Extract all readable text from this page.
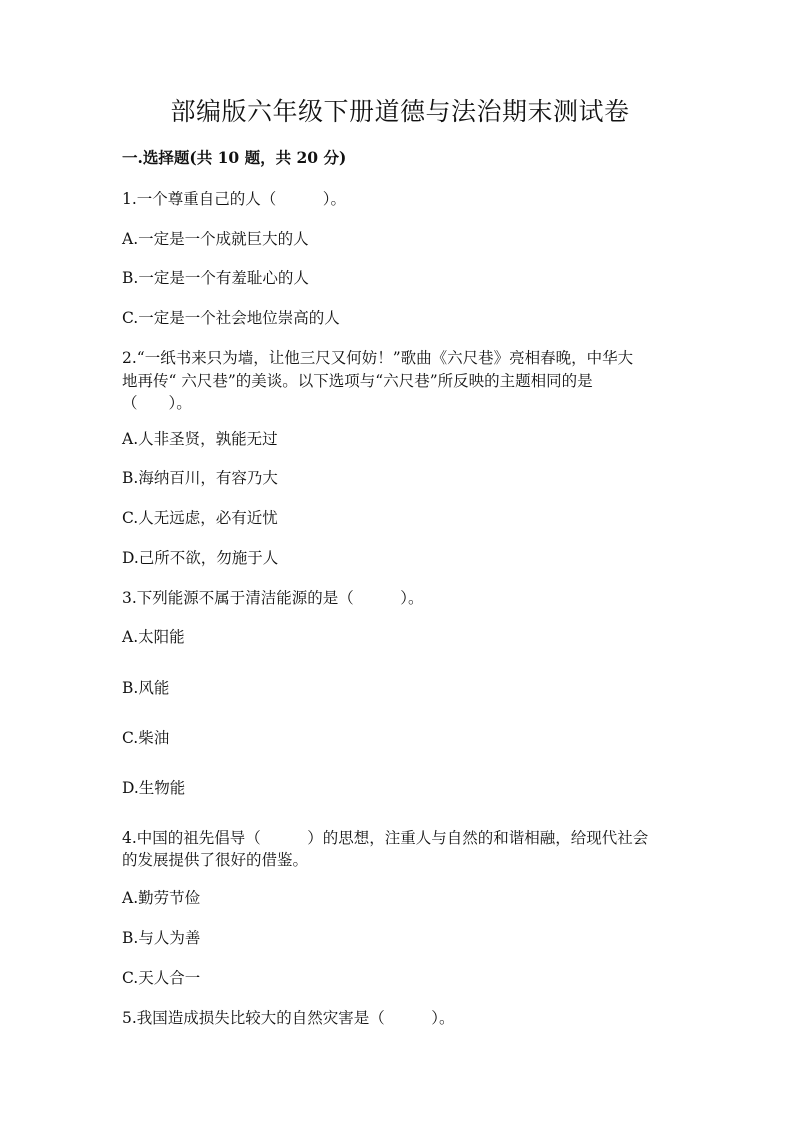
部编版六年级下册道德与法治期末测试卷

一.选择题(共 10 题，共 20 分)

1.一个尊重自己的人（　　　）。

A.一定是一个成就巨大的人

B.一定是一个有羞耻心的人

C.一定是一个社会地位崇高的人

2.“一纸书来只为墙，让他三尺又何妨！”歌曲《六尺巷》亮相春晚，中华大

地再传“ 六尺巷”的美谈。以下选项与“六尺巷”所反映的主题相同的是

（　　）。

A.人非圣贤，孰能无过

B.海纳百川，有容乃大

C.人无远虑，必有近忧

D.己所不欲，勿施于人

3.下列能源不属于清洁能源的是（　　　）。

A.太阳能

B.风能

C.柴油

D.生物能

4.中国的祖先倡导（　　　）的思想，注重人与自然的和谐相融，给现代社会

的发展提供了很好的借鉴。

A.勤劳节俭

B.与人为善

C.天人合一

5.我国造成损失比较大的自然灾害是（　　　）。
